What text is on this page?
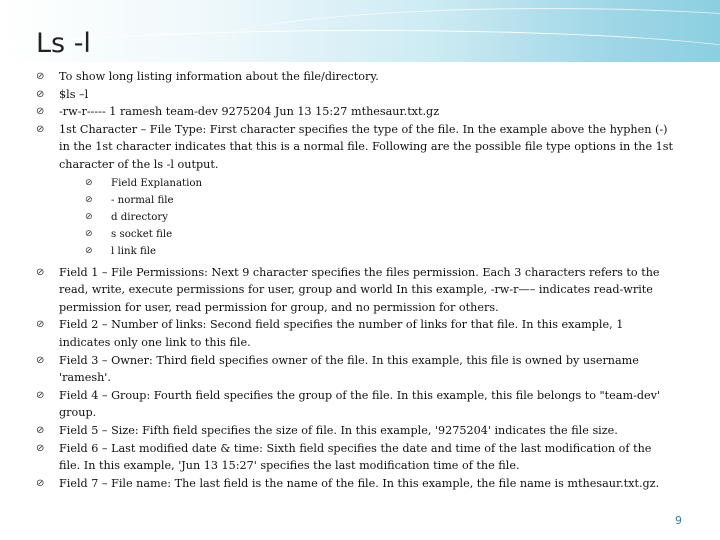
Ls -l
⊘ To show long listing information about the file/directory.
⊘ $ls –l
⊘ -rw-r----- 1 ramesh team-dev 9275204 Jun 13 15:27 mthesaur.txt.gz
⊘ 1st Character – File Type: First character specifies the type of the file. In the example above the hyphen (-) in the 1st character indicates that this is a normal file. Following are the possible file type options in the 1st character of the ls -l output.
⊘ Field Explanation
⊘ - normal file
⊘ d directory
⊘ s socket file
⊘ l link file
⊘ Field 1 – File Permissions: Next 9 character specifies the files permission. Each 3 characters refers to the read, write, execute permissions for user, group and world In this example, -rw-r—– indicates read-write permission for user, read permission for group, and no permission for others.
⊘ Field 2 – Number of links: Second field specifies the number of links for that file. In this example, 1 indicates only one link to this file.
⊘ Field 3 – Owner: Third field specifies owner of the file. In this example, this file is owned by username 'ramesh'.
⊘ Field 4 – Group: Fourth field specifies the group of the file. In this example, this file belongs to "team-dev' group.
⊘ Field 5 – Size: Fifth field specifies the size of file. In this example, '9275204' indicates the file size.
⊘ Field 6 – Last modified date & time: Sixth field specifies the date and time of the last modification of the file. In this example, 'Jun 13 15:27' specifies the last modification time of the file.
⊘ Field 7 – File name: The last field is the name of the file. In this example, the file name is mthesaur.txt.gz.
9
